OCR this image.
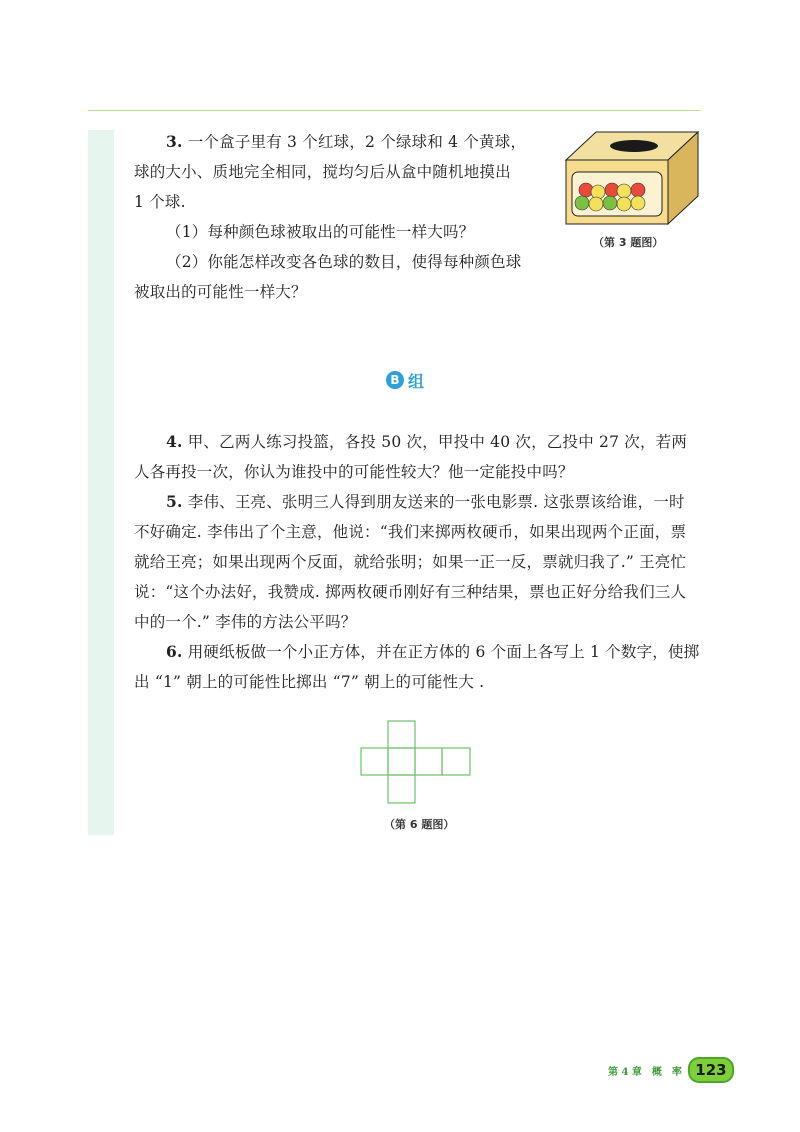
3. 一个盒子里有 3 个红球，2 个绿球和 4 个黄球，
球的大小、质地完全相同，搅均匀后从盒中随机地摸出
1 个球.
（1）每种颜色球被取出的可能性一样大吗？
（2）你能怎样改变各色球的数目，使得每种颜色球
被取出的可能性一样大？
（第 3 题图）
B 组

4. 甲、乙两人练习投篮，各投 50 次，甲投中 40 次，乙投中 27 次，若两人各再投一次，你认为谁投中的可能性较大？他一定能投中吗？

5. 李伟、王亮、张明三人得到朋友送来的一张电影票. 这张票该给谁，一时不好确定. 李伟出了个主意，他说：“我们来掷两枚硬币，如果出现两个正面，票就给王亮；如果出现两个反面，就给张明；如果一正一反，票就归我了.” 王亮忙说：“这个办法好，我赞成. 掷两枚硬币刚好有三种结果，票也正好分给我们三人中的一个.” 李伟的方法公平吗？

6. 用硬纸板做一个小正方体，并在正方体的 6 个面上各写上 1 个数字，使掷出 “1” 朝上的可能性比掷出 “7” 朝上的可能性大 .

（第 6 题图）
第 4 章　概　率 123
